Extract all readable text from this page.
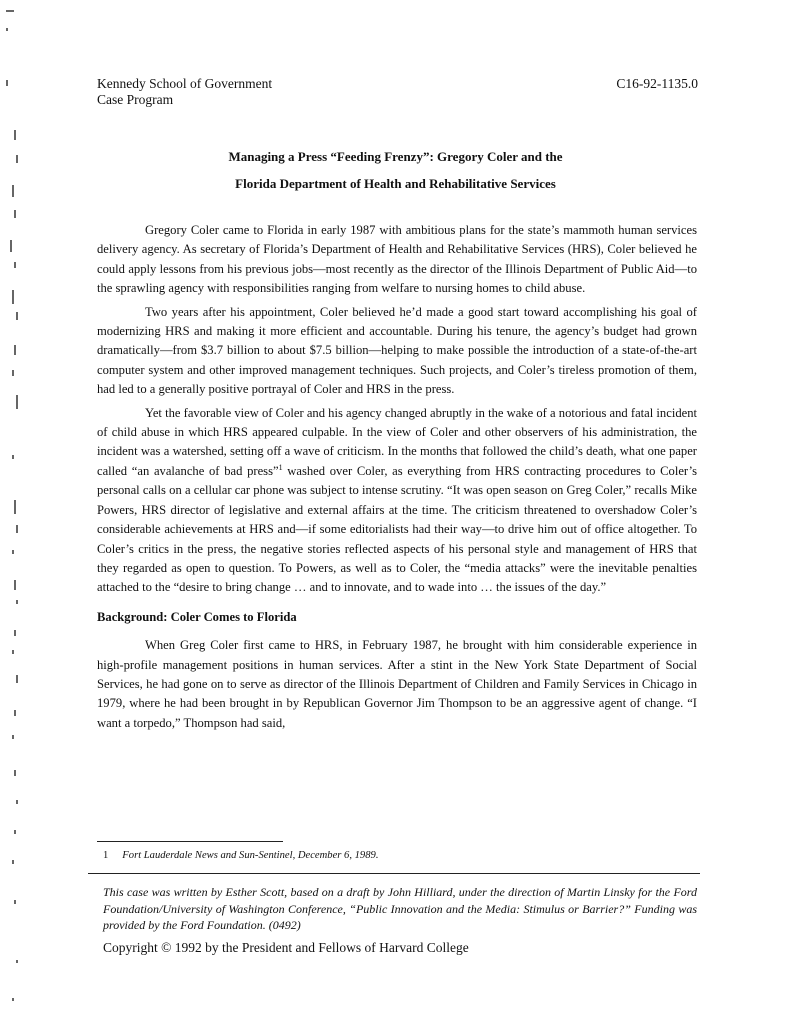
Kennedy School of Government
Case Program
C16-92-1135.0
Managing a Press “Feeding Frenzy”: Gregory Coler and the
Florida Department of Health and Rehabilitative Services

Gregory Coler came to Florida in early 1987 with ambitious plans for the state’s mammoth human services delivery agency. As secretary of Florida’s Department of Health and Rehabilitative Services (HRS), Coler believed he could apply lessons from his previous jobs—most recently as the director of the Illinois Department of Public Aid—to the sprawling agency with responsibilities ranging from welfare to nursing homes to child abuse.

Two years after his appointment, Coler believed he’d made a good start toward accomplishing his goal of modernizing HRS and making it more efficient and accountable. During his tenure, the agency’s budget had grown dramatically—from $3.7 billion to about $7.5 billion—helping to make possible the introduction of a state-of-the-art computer system and other improved management techniques. Such projects, and Coler’s tireless promotion of them, had led to a generally positive portrayal of Coler and HRS in the press.

Yet the favorable view of Coler and his agency changed abruptly in the wake of a notorious and fatal incident of child abuse in which HRS appeared culpable. In the view of Coler and other observers of his administration, the incident was a watershed, setting off a wave of criticism. In the months that followed the child’s death, what one paper called “an avalanche of bad press”$^1$ washed over Coler, as everything from HRS contracting procedures to Coler’s personal calls on a cellular car phone was subject to intense scrutiny. “It was open season on Greg Coler,” recalls Mike Powers, HRS director of legislative and external affairs at the time. The criticism threatened to overshadow Coler’s considerable achievements at HRS and—if some editorialists had their way—to drive him out of office altogether. To Coler’s critics in the press, the negative stories reflected aspects of his personal style and management of HRS that they regarded as open to question. To Powers, as well as to Coler, the “media attacks” were the inevitable penalties attached to the “desire to bring change … and to innovate, and to wade into … the issues of the day.”

Background: Coler Comes to Florida

When Greg Coler first came to HRS, in February 1987, he brought with him considerable experience in high-profile management positions in human services. After a stint in the New York State Department of Social Services, he had gone on to serve as director of the Illinois Department of Children and Family Services in Chicago in 1979, where he had been brought in by Republican Governor Jim Thompson to be an aggressive agent of change. “I want a torpedo,” Thompson had said,

1 Fort Lauderdale News and Sun-Sentinel, December 6, 1989.
This case was written by Esther Scott, based on a draft by John Hilliard, under the direction of Martin Linsky for the Ford Foundation/University of Washington Conference, “Public Innovation and the Media: Stimulus or Barrier?” Funding was provided by the Ford Foundation. (0492)
Copyright © 1992 by the President and Fellows of Harvard College
